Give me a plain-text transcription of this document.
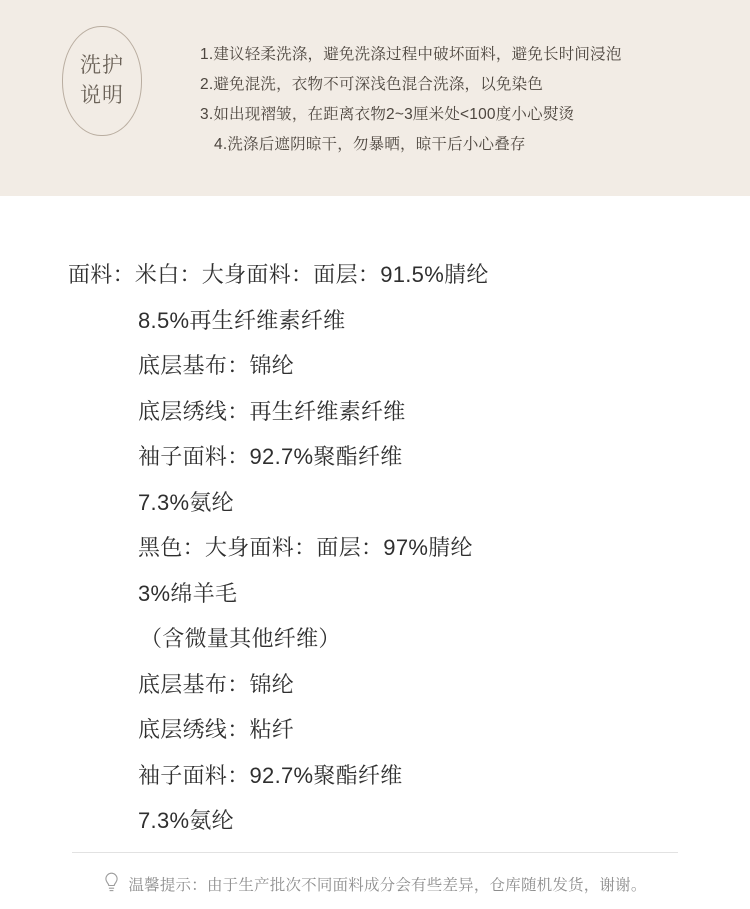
洗护
说明
1.建议轻柔洗涤，避免洗涤过程中破坏面料，避免长时间浸泡
2.避免混洗，衣物不可深浅色混合洗涤，以免染色
3.如出现褶皱，在距离衣物2~3厘米处<100度小心熨烫
4.洗涤后遮阴晾干，勿暴晒，晾干后小心叠存
面料：米白：大身面料：面层：91.5%腈纶
8.5%再生纤维素纤维
底层基布：锦纶
底层绣线：再生纤维素纤维
袖子面料：92.7%聚酯纤维
7.3%氨纶
黑色：大身面料：面层：97%腈纶
3%绵羊毛
（含微量其他纤维）
底层基布：锦纶
底层绣线：粘纤
袖子面料：92.7%聚酯纤维
7.3%氨纶
温馨提示：由于生产批次不同面料成分会有些差异，仓库随机发货，谢谢。
